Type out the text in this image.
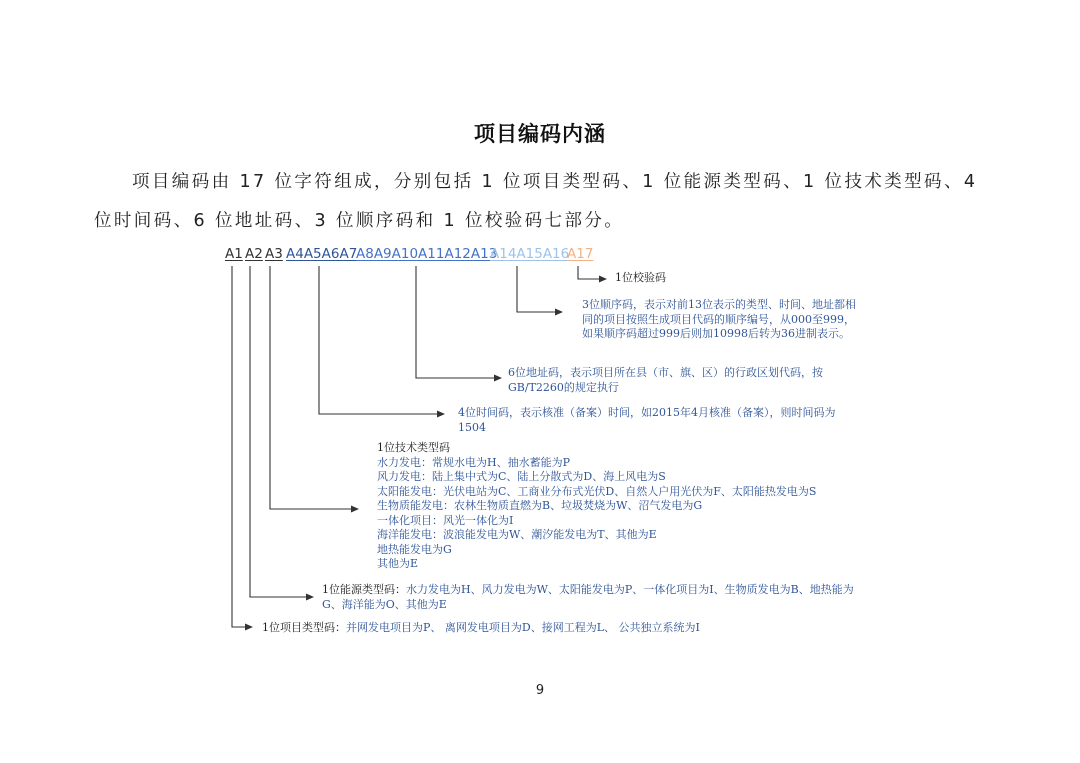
项目编码内涵
项目编码由 17 位字符组成，分别包括 1 位项目类型码、1 位能源类型码、1 位技术类型码、4 位时间码、6 位地址码、3 位顺序码和 1 位校验码七部分。
A1 A2 A3 A4A5A6A7
A8A9A10A11A12A13
A14A15A16
A17
1位校验码
3位顺序码，表示对前13位表示的类型、时间、地址都相同的项目按照生成项目代码的顺序编号，从000至999，如果顺序码超过999后则加10998后转为36进制表示。
6位地址码，表示项目所在县（市、旗、区）的行政区划代码，按GB/T2260的规定执行
4位时间码，表示核准（备案）时间，如2015年4月核准（备案），则时间码为1504
1位技术类型码
水力发电：常规水电为H、抽水蓄能为P
风力发电：陆上集中式为C、陆上分散式为D、海上风电为S
太阳能发电：光伏电站为C、工商业分布式光伏D、自然人户用光伏为F、太阳能热发电为S
生物质能发电：农林生物质直燃为B、垃圾焚烧为W、沼气发电为G
一体化项目：风光一体化为I
海洋能发电：波浪能发电为W、潮汐能发电为T、其他为E
地热能发电为G
其他为E
1位能源类型码：水力发电为H、风力发电为W、太阳能发电为P、一体化项目为I、生物质发电为B、地热能为G、海洋能为O、其他为E
1位项目类型码：并网发电项目为P、 离网发电项目为D、接网工程为L、 公共独立系统为I
9
